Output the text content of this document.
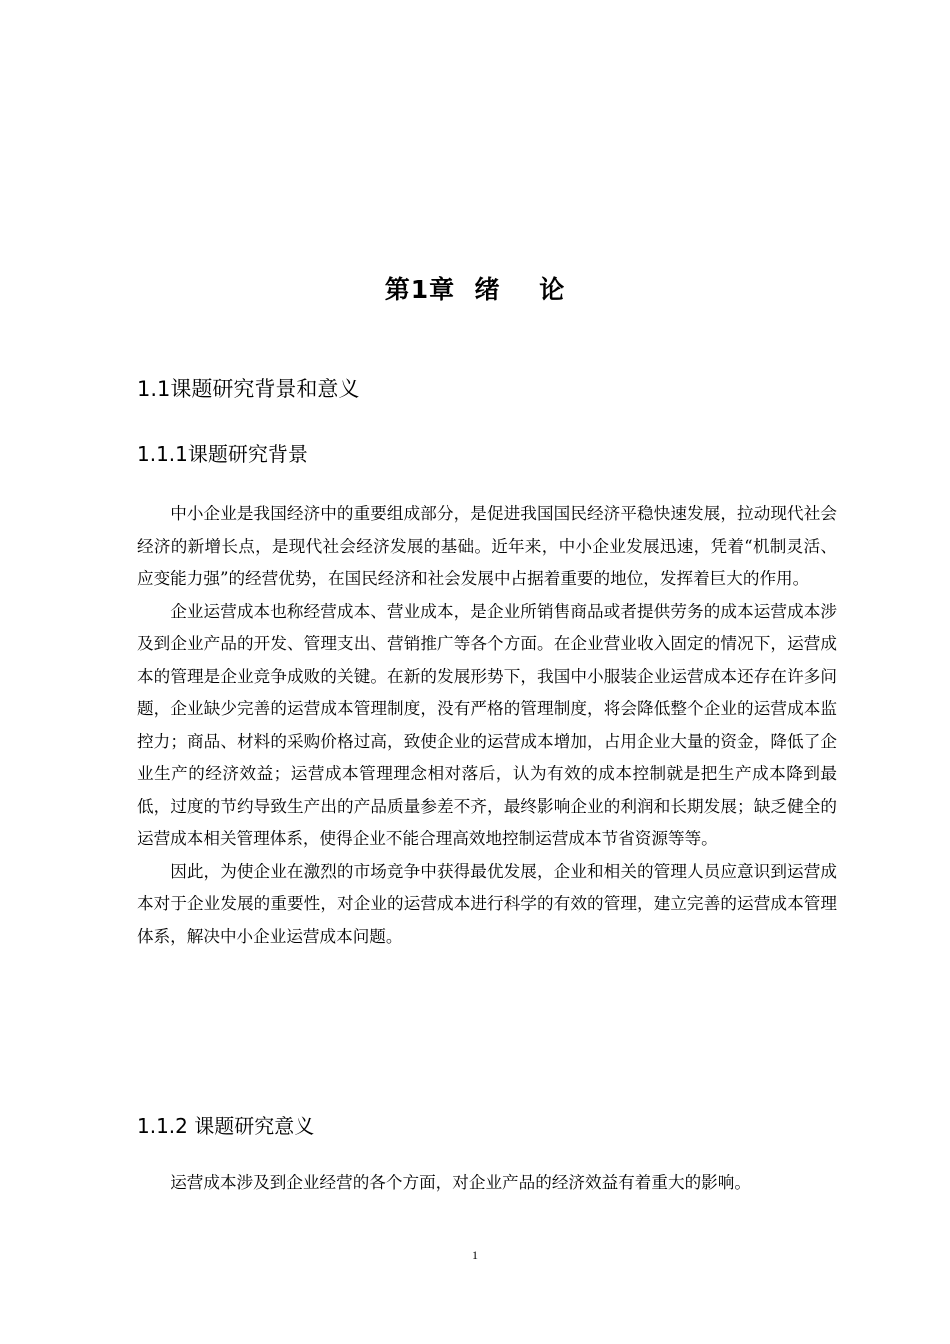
第1章  绪    论
1.1课题研究背景和意义
1.1.1课题研究背景

中小企业是我国经济中的重要组成部分，是促进我国国民经济平稳快速发展，拉动现代社会经济的新增长点，是现代社会经济发展的基础。近年来，中小企业发展迅速，凭着“机制灵活、应变能力强”的经营优势，在国民经济和社会发展中占据着重要的地位，发挥着巨大的作用。

企业运营成本也称经营成本、营业成本，是企业所销售商品或者提供劳务的成本运营成本涉及到企业产品的开发、管理支出、营销推广等各个方面。在企业营业收入固定的情况下，运营成本的管理是企业竞争成败的关键。在新的发展形势下，我国中小服装企业运营成本还存在许多问题，企业缺少完善的运营成本管理制度，没有严格的管理制度，将会降低整个企业的运营成本监控力；商品、材料的采购价格过高，致使企业的运营成本增加，占用企业大量的资金，降低了企业生产的经济效益；运营成本管理理念相对落后，认为有效的成本控制就是把生产成本降到最低，过度的节约导致生产出的产品质量参差不齐，最终影响企业的利润和长期发展；缺乏健全的运营成本相关管理体系，使得企业不能合理高效地控制运营成本节省资源等等。

因此，为使企业在激烈的市场竞争中获得最优发展，企业和相关的管理人员应意识到运营成本对于企业发展的重要性，对企业的运营成本进行科学的有效的管理，建立完善的运营成本管理体系，解决中小企业运营成本问题。

1.1.2 课题研究意义

运营成本涉及到企业经营的各个方面，对企业产品的经济效益有着重大的影响。

1
